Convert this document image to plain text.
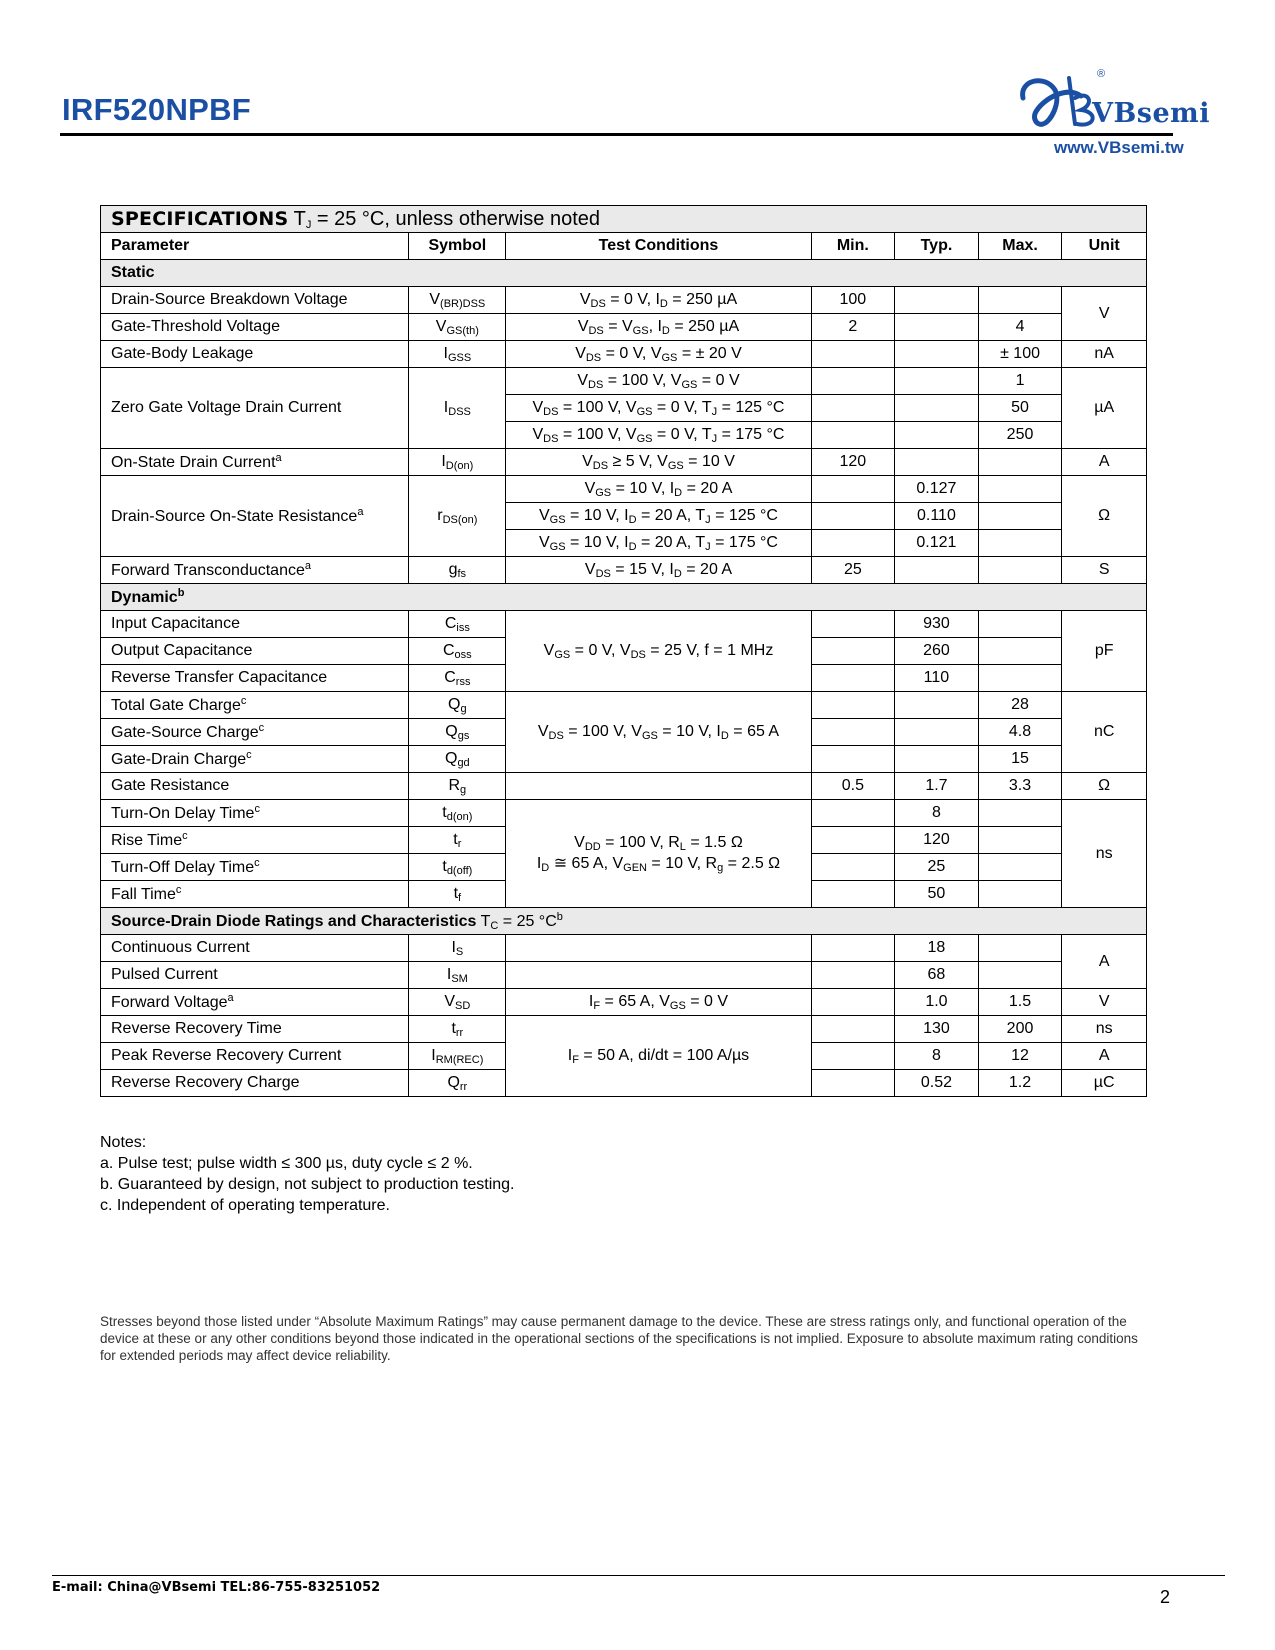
IRF520NPBF
®
VBsemi
www.VBsemi.tw
SPECIFICATIONS $T_J = 25$ °C, unless otherwise noted						
Parameter	Symbol	Test Conditions	Min.	Typ.	Max.	Unit
Static						
Drain-Source Breakdown Voltage	$V_{(BR)DSS}$	$V_{DS} = 0$ V, $I_D = 250$ µA	100			V
Gate-Threshold Voltage	$V_{GS(th)}$	$V_{DS} = V_{GS}$, $I_D = 250$ µA	2		4	
Gate-Body Leakage	$I_{GSS}$	$V_{DS} = 0$ V, $V_{GS}$ = ± 20 V			± 100	nA
Zero Gate Voltage Drain Current	$I_{DSS}$	$V_{DS} = 100$ V, $V_{GS} = 0$ V			1	µA
		$V_{DS} = 100$ V, $V_{GS} = 0$ V, $T_J = 125$ °C			50	
		$V_{DS} = 100$ V, $V_{GS} = 0$ V, $T_J = 175$ °C			250	
On-State Drain Current$^a$	$I_{D(on)}$	$V_{DS} \ge 5$ V, $V_{GS} = 10$ V	120			A
Drain-Source On-State Resistance$^a$	$r_{DS(on)}$	$V_{GS} = 10$ V, $I_D = 20$ A		0.127		Ω
		$V_{GS} = 10$ V, $I_D = 20$ A, $T_J = 125$ °C		0.110		
		$V_{GS} = 10$ V, $I_D = 20$ A, $T_J = 175$ °C		0.121		
Forward Transconductance$^a$	$g_{fs}$	$V_{DS} = 15$ V, $I_D = 20$ A	25			S
Dynamic$^b$
Input Capacitance	$C_{iss}$	$V_{GS} = 0$ V, $V_{DS} = 25$ V, f = 1 MHz		930		pF
Output Capacitance	$C_{oss}$			260		
Reverse Transfer Capacitance	$C_{rss}$			110		
Total Gate Charge$^c$	$Q_g$	$V_{DS} = 100$ V, $V_{GS} = 10$ V, $I_D = 65$ A			28	nC
Gate-Source Charge$^c$	$Q_{gs}$				4.8	
Gate-Drain Charge$^c$	$Q_{gd}$				15	
Gate Resistance	$R_g$		0.5	1.7	3.3	Ω
Turn-On Delay Time$^c$	$t_{d(on)}$	$V_{DD} = 100$ V, $R_L = 1.5$ Ω
$I_D$ ≅ 65 A, $V_{GEN} = 10$ V, $R_g = 2.5$ Ω		8		ns
Rise Time$^c$	$t_r$			120		
Turn-Off Delay Time$^c$	$t_{d(off)}$			25		
Fall Time$^c$	$t_f$			50		
Source-Drain Diode Ratings and Characteristics $T_C = 25$ $^\circ C^b$
Continuous Current	$I_S$			18		A
Pulsed Current	$I_{SM}$			68		
Forward Voltage$^a$	$V_{SD}$	$I_F = 65$ A, $V_{GS} = 0$ V		1.0	1.5	V
Reverse Recovery Time	$t_{rr}$	$I_F = 50$ A, di/dt = 100 A/µs		130	200	ns
Peak Reverse Recovery Current	$I_{RM(REC)}$			8	12	A
Reverse Recovery Charge	$Q_{rr}$			0.52	1.2	µC
Notes:
a. Pulse test; pulse width ≤ 300 µs, duty cycle ≤ 2 %.
b. Guaranteed by design, not subject to production testing.
c. Independent of operating temperature.
Stresses beyond those listed under “Absolute Maximum Ratings” may cause permanent damage to the device. These are stress ratings only, and functional operation of the device at these or any other conditions beyond those indicated in the operational sections of the specifications is not implied. Exposure to absolute maximum rating conditions for extended periods may affect device reliability.
E-mail: China@VBsemi TEL:86-755-83251052	2
